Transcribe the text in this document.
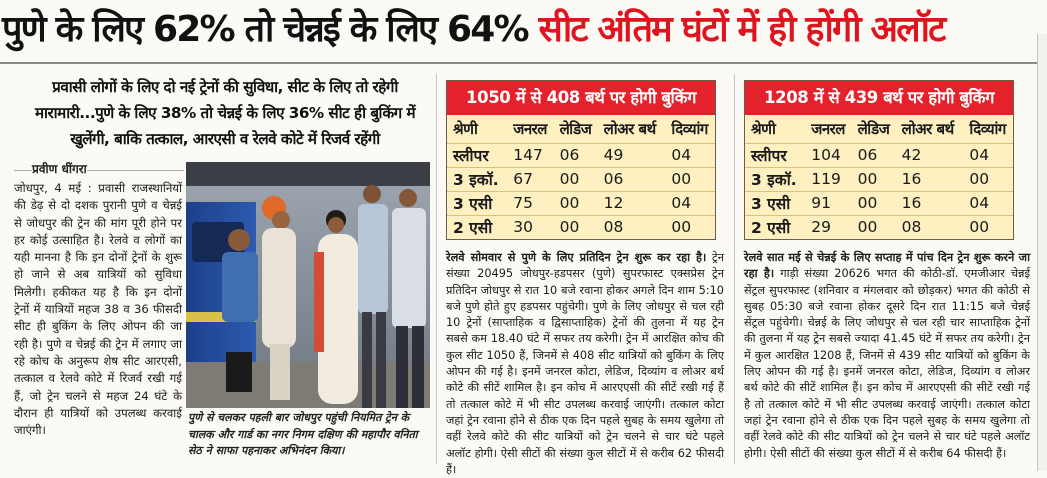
पुणे के लिए 62% तो चेन्नई के लिए 64% सीट अंतिम घंटों में ही होंगी अलॉट
प्रवासी लोगों के लिए दो नई ट्रेनों की सुविधा, सीट के लिए तो रहेगी मारामारी...पुणे के लिए 38% तो चेन्नई के लिए 36% सीट ही बुकिंग में खुलेंगी, बाकि तत्काल, आरएसी व रेलवे कोटे में रिजर्व रहेंगी
प्रवीण धींगरा
जोधपुर, 4 मई : प्रवासी राजस्थानियों की डेढ़ से दो दशक पुरानी पुणे व चेन्नई से जोधपुर की ट्रेन की मांग पूरी होने पर हर कोई उत्साहित है। रेलवे व लोगों का यही मानना है कि इन दोनों ट्रेनों के शुरू हो जाने से अब यात्रियों को सुविधा मिलेगी। हकीकत यह है कि इन दोनों ट्रेनों में यात्रियों महज 38 व 36 फीसदी सीट ही बुकिंग के लिए ओपन की जा रही है। पुणे व चेन्नई की ट्रेन में लगाए जा रहे कोच के अनुरूप शेष सीट आरएसी, तत्काल व रेलवे कोटे में रिजर्व रखी गई हैं, जो ट्रेन चलने से महज 24 घंटे के दौरान ही यात्रियों को उपलब्ध करवाई जाएंगी।
पुणे से चलकर पहली बार जोधपुर पहुंची नियमित ट्रेन के चालक और गार्ड का नगर निगम दक्षिण की महापौर वनिता सेठ ने साफा पहनाकर अभिनंदन किया।
1050 में से 408 बर्थ पर होगी बुकिंग
श्रेणी	जनरल	लेडिज	लोअर बर्थ	दिव्यांग
स्लीपर	147	06	49	04
3 इकॉ.	67	00	06	00
3 एसी	75	00	12	04
2 एसी	30	00	08	00
1208 में से 439 बर्थ पर होगी बुकिंग
श्रेणी	जनरल	लेडिज	लोअर बर्थ	दिव्यांग
स्लीपर	104	06	42	04
3 इकॉ.	119	00	16	00
3 एसी	91	00	16	04
2 एसी	29	00	08	00
रेलवे सोमवार से पुणे के लिए प्रतिदिन ट्रेन शुरू कर रहा है। ट्रेन संख्या 20495 जोधपुर-हडपसर (पुणे) सुपरफास्ट एक्सप्रेस ट्रेन प्रतिदिन जोधपुर से रात 10 बजे रवाना होकर अगले दिन शाम 5:10 बजे पुणे होते हुए हडपसर पहुंचेगी। पुणे के लिए जोधपुर से चल रही 10 ट्रेनों (साप्ताहिक व द्विसाप्ताहिक) ट्रेनों की तुलना में यह ट्रेन सबसे कम 18.40 घंटे में सफर तय करेगी। ट्रेन में आरक्षित कोच की कुल सीट 1050 हैं, जिनमें से 408 सीट यात्रियों को बुकिंग के लिए ओपन की गई है। इनमें जनरल कोटा, लेडिज, दिव्यांग व लोअर बर्थ कोटे की सीटें शामिल है। इन कोच में आरएएसी की सीटें रखी गई हैं तो तत्काल कोटे में भी सीट उपलब्ध करवाई जाएंगी। तत्काल कोटा जहां ट्रेन रवाना होने से ठीक एक दिन पहले सुबह के समय खुलेगा तो वहीं रेलवे कोटे की सीट यात्रियों को ट्रेन चलने से चार घंटे पहले अलॉट होगी। ऐसी सीटों की संख्या कुल सीटों में से करीब 62 फीसदी हैं।
रेलवे सात मई से चेन्नई के लिए सप्ताह में पांच दिन ट्रेन शुरू करने जा रहा है। गाड़ी संख्या 20626 भगत की कोठी-डॉ. एमजीआर चेन्नई सेंट्रल सुपरफास्ट (शनिवार व मंगलवार को छोड़कर) भगत की कोठी से सुबह 05:30 बजे रवाना होकर दूसरे दिन रात 11:15 बजे चेन्नई सेंट्रल पहुंचेगी। चेन्नई के लिए जोधपुर से चल रही चार साप्ताहिक ट्रेनों की तुलना में यह ट्रेन सबसे ज्यादा 41.45 घंटे में सफर तय करेगी। ट्रेन में कुल आरक्षित 1208 हैं, जिनमें से 439 सीट यात्रियों को बुकिंग के लिए ओपन की गई है। इनमें जनरल कोटा, लेडिज, दिव्यांग व लोअर बर्थ कोटे की सीटें शामिल हैं। इन कोच में आरएएसी की सीटें रखी गई है तो तत्काल कोटे में भी सीट उपलब्ध करवाई जाएंगी। तत्काल कोटा जहां ट्रेन रवाना होने से ठीक एक दिन पहले सुबह के समय खुलेगा तो वहीं रेलवे कोटे की सीट यात्रियों को ट्रेन चलने से चार घंटे पहले अलॉट होगी। ऐसी सीटों की संख्या कुल सीटों में से करीब 64 फीसदी हैं।
